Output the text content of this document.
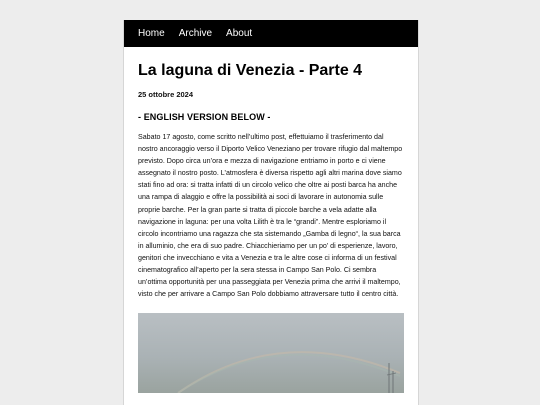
Home Archive About
La laguna di Venezia - Parte 4
25 ottobre 2024
- ENGLISH VERSION BELOW -
Sabato 17 agosto, come scritto nell’ultimo post, effettuiamo il trasferimento dal nostro ancoraggio verso il Diporto Velico Veneziano per trovare rifugio dal maltempo previsto. Dopo circa un’ora e mezza di navigazione entriamo in porto e ci viene assegnato il nostro posto. L’atmosfera è diversa rispetto agli altri marina dove siamo stati fino ad ora: si tratta infatti di un circolo velico che oltre ai posti barca ha anche una rampa di alaggio e offre la possibilità ai soci di lavorare in autonomia sulle proprie barche. Per la gran parte si tratta di piccole barche a vela adatte alla navigazione in laguna: per una volta Lilith è tra le “grandi”. Mentre esploriamo il circolo incontriamo una ragazza che sta sistemando „Gamba di legno“, la sua barca in alluminio, che era di suo padre. Chiacchieriamo per un po’ di esperienze, lavoro, genitori che invecchiano e vita a Venezia e tra le altre cose ci informa di un festival cinematografico all’aperto per la sera stessa in Campo San Polo. Ci sembra un’ottima opportunità per una passeggiata per Venezia prima che arrivi il maltempo, visto che per arrivare a Campo San Polo dobbiamo attraversare tutto il centro città.
